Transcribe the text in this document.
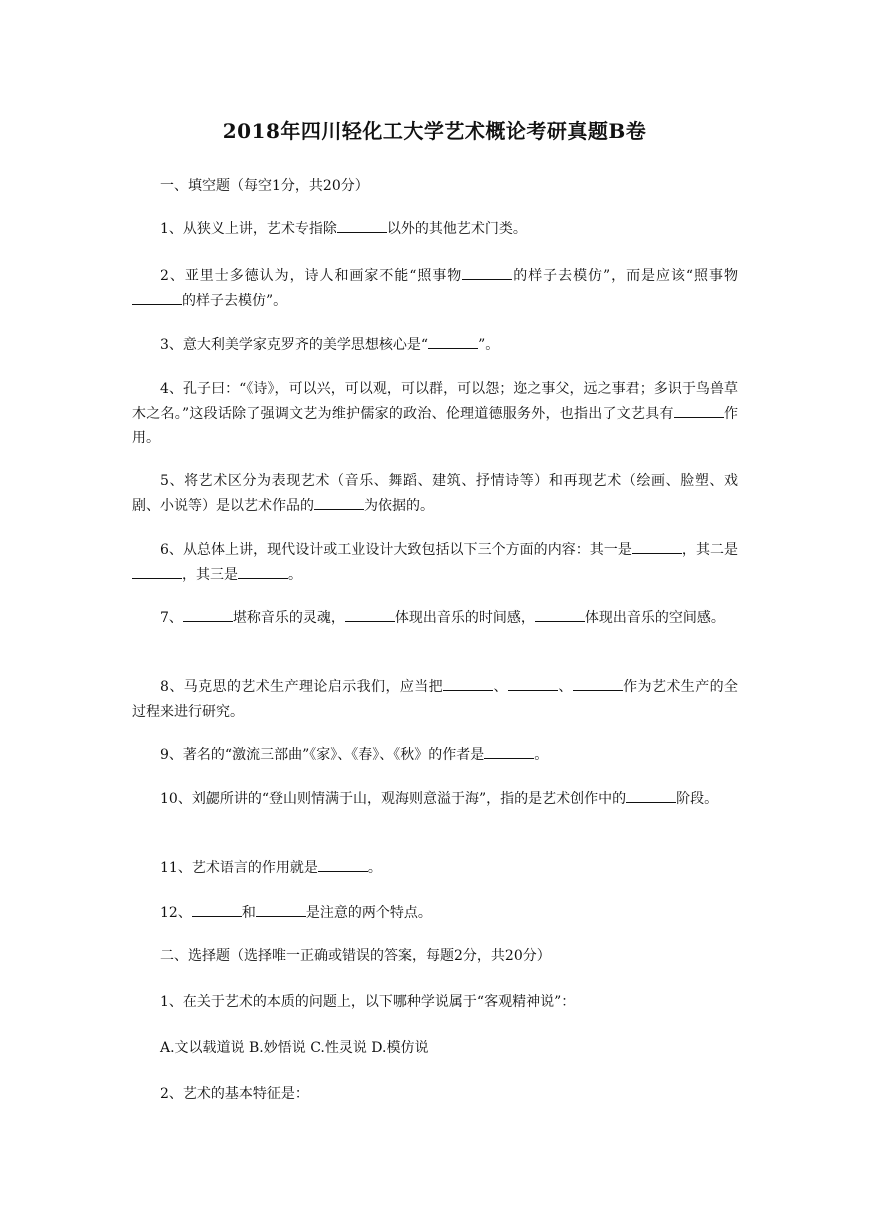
2018年四川轻化工大学艺术概论考研真题B卷
一、填空题（每空1分，共20分）
1、从狭义上讲，艺术专指除	以外的其他艺术门类。
2、亚里士多德认为，诗人和画家不能“照事物	的样子去模仿”，而是应该“照事物的样子去模仿”。
3、意大利美学家克罗齐的美学思想核心是“	”。
4、孔子曰：“《诗》，可以兴，可以观，可以群，可以怨；迩之事父，远之事君；多识于鸟兽草木之名。”这段话除了强调文艺为维护儒家的政治、伦理道德服务外，也指出了文艺具有	作用。
5、将艺术区分为表现艺术（音乐、舞蹈、建筑、抒情诗等）和再现艺术（绘画、脸塑、戏剧、小说等）是以艺术作品的	为依据的。
6、从总体上讲，现代设计或工业设计大致包括以下三个方面的内容：其一是	，其二是，其三是	。
7、	堪称音乐的灵魂，	体现出音乐的时间感，	体现出音乐的空间感。
8、马克思的艺术生产理论启示我们，应当把	、	、	作为艺术生产的全过程来进行研究。
9、著名的“激流三部曲”《家》、《春》、《秋》的作者是	。
10、刘勰所讲的“登山则情满于山，观海则意溢于海”，指的是艺术创作中的	阶段。
11、艺术语言的作用就是	。
12、	和	是注意的两个特点。
二、选择题（选择唯一正确或错误的答案，每题2分，共20分）
1、在关于艺术的本质的问题上，以下哪种学说属于“客观精神说”：
A.文以载道说 B.妙悟说 C.性灵说 D.模仿说
2、艺术的基本特征是：
